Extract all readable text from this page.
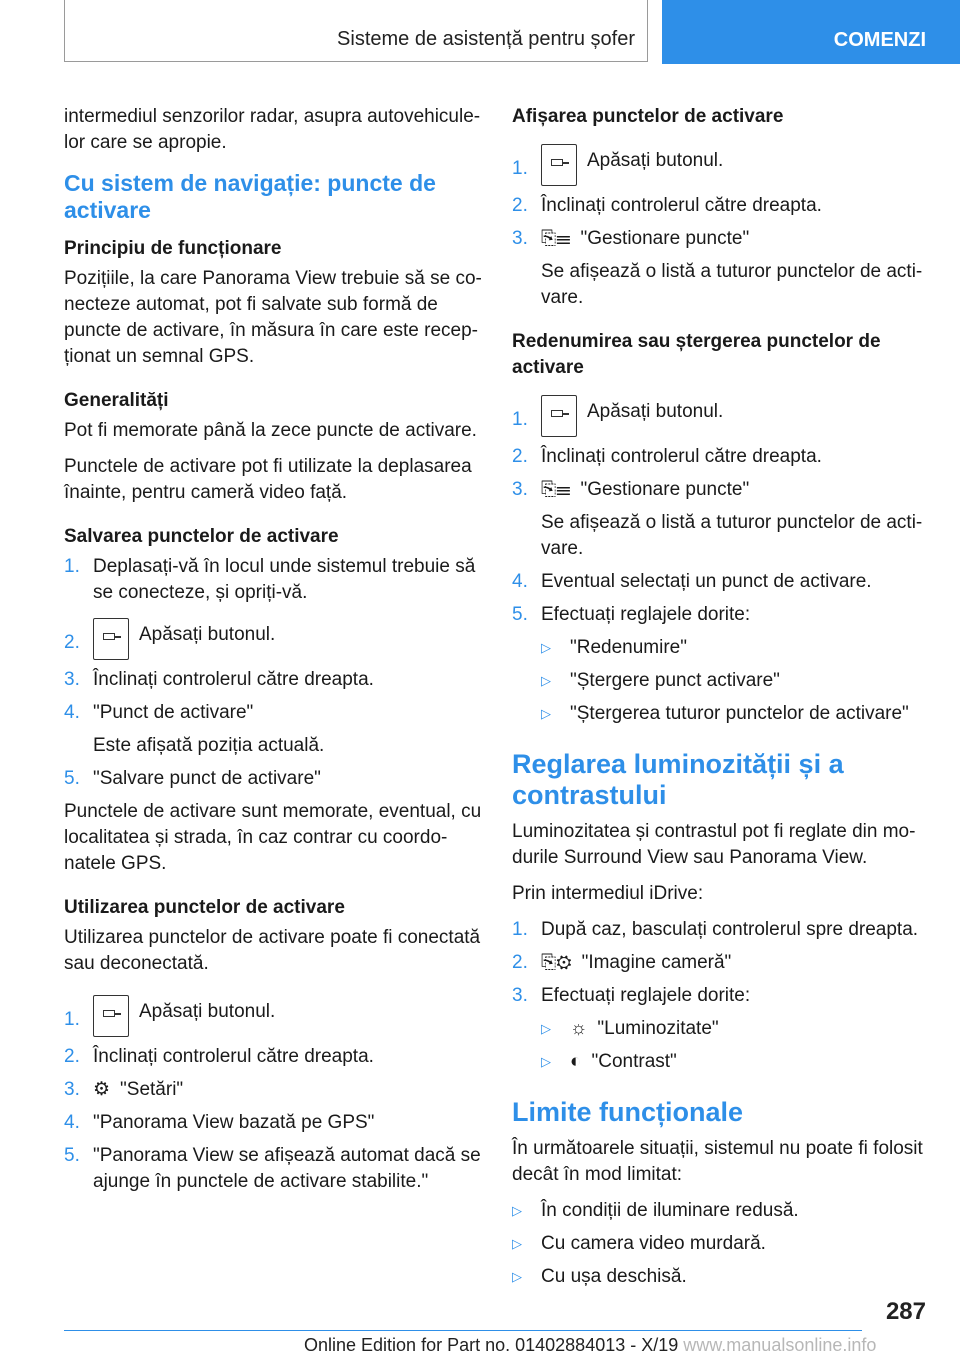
Sisteme de asistență pentru șofer	COMENZI

intermediul senzorilor radar, asupra autovehicule-lor care se apropie.

Cu sistem de navigație: puncte de activare
Principiu de funcționare

Pozițiile, la care Panorama View trebuie să se co-necteze automat, pot fi salvate sub formă de puncte de activare, în măsura în care este recep-ționat un semnal GPS.

Generalități

Pot fi memorate până la zece puncte de activare.

Punctele de activare pot fi utilizate la deplasarea înainte, pentru cameră video față.

Salvarea punctelor de activare
1. Deplasați-vă în locul unde sistemul trebuie să se conecteze, și opriți-vă.
2.	Apăsați butonul.
3. Înclinați controlerul către dreapta.
4. "Punct de activare"
Este afișată poziția actuală.
5. "Salvare punct de activare"

Punctele de activare sunt memorate, eventual, cu localitatea și strada, în caz contrar cu coordo-natele GPS.

Utilizarea punctelor de activare

Utilizarea punctelor de activare poate fi conectată sau deconectată.

1.	Apăsați butonul.
2. Înclinați controlerul către dreapta.
3. ⚙ "Setări"
4. "Panorama View bazată pe GPS"
5. "Panorama View se afișează automat dacă se ajunge în punctele de activare stabilite."
Afișarea punctelor de activare
1.	Apăsați butonul.
2. Înclinați controlerul către dreapta.
3. ⎘☰ "Gestionare puncte"
Se afișează o listă a tuturor punctelor de acti-vare.
Redenumirea sau ștergerea punctelor de activare
1.	Apăsați butonul.
2. Înclinați controlerul către dreapta.
3. ⎘☰ "Gestionare puncte"
Se afișează o listă a tuturor punctelor de acti-vare.
4. Eventual selectați un punct de activare.
5. Efectuați reglajele dorite:
▷	"Redenumire"
▷	"Ștergere punct activare"
▷	"Ștergerea tuturor punctelor de activare"
Reglarea luminozității și a contrastului

Luminozitatea și contrastul pot fi reglate din mo-durile Surround View sau Panorama View.

Prin intermediul iDrive:

1. După caz, basculați controlerul spre dreapta.
2. ⎘⚙ "Imagine cameră"
3. Efectuați reglajele dorite:
▷	☼ "Luminozitate"
▷	◐ "Contrast"
Limite funcționale

În următoarele situații, sistemul nu poate fi folosit decât în mod limitat:

▷	În condiții de iluminare redusă.
▷	Cu camera video murdară.
▷	Cu ușa deschisă.
287
Online Edition for Part no. 01402884013 - X/19 www.manualsonline.info
